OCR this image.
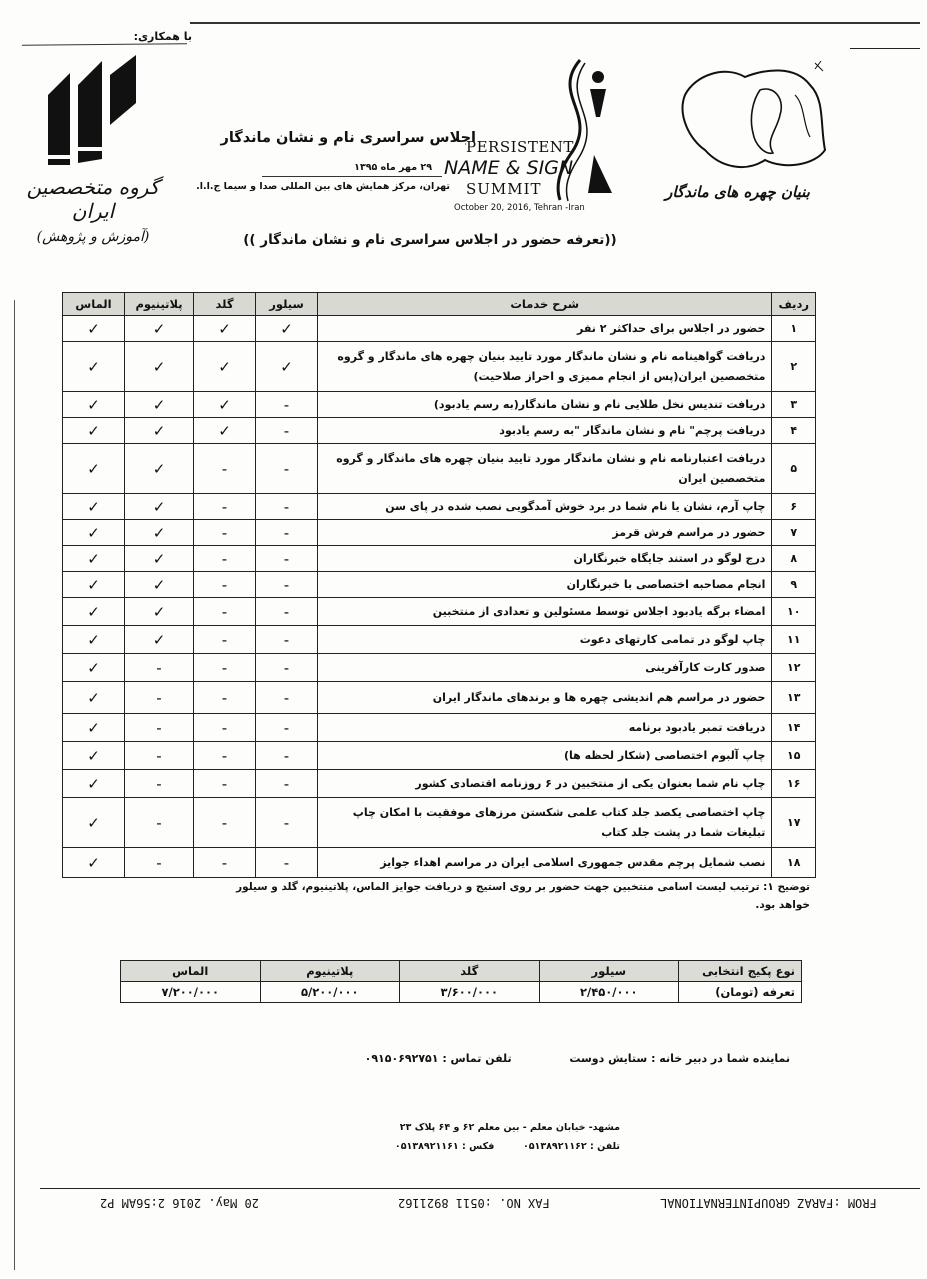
با همکاری:
گروه متخصصین ایران
(آموزش و پژوهش)
اجلاس سراسری نام و نشان ماندگار
۲۹ مهر ماه ۱۳۹۵
تهران، مرکز همایش های بین المللی صدا و سیما ج.ا.ا.
PERSISTENT
NAME & SIGN
SUMMIT
October 20, 2016, Tehran -Iran
بنیان چهره های ماندگار
((تعرفه حضور در اجلاس سراسری نام و نشان ماندگار ))
ردیف	شرح خدمات	سیلور	گلد	پلاتینیوم	الماس
۱	حضور در اجلاس برای حداکثر ۲ نفر	✓	✓	✓	✓
۲	دریافت گواهینامه نام و نشان ماندگار مورد تایید بنیان چهره های ماندگار و گروه متخصصین ایران(پس از انجام ممیزی و احراز صلاحیت)	✓	✓	✓	✓
۳	دریافت تندیس نخل طلایی نام و نشان ماندگار(به رسم یادبود)	-	✓	✓	✓
۴	دریافت پرچم" نام و نشان ماندگار "به رسم یادبود	-	✓	✓	✓
۵	دریافت اعتبارنامه نام و نشان ماندگار مورد تایید بنیان چهره های ماندگار و گروه متخصصین ایران	-	-	✓	✓
۶	چاپ آرم، نشان یا نام شما در برد خوش آمدگویی نصب شده در پای سن	-	-	✓	✓
۷	حضور در مراسم فرش قرمز	-	-	✓	✓
۸	درج لوگو در استند جایگاه خبرنگاران	-	-	✓	✓
۹	انجام مصاحبه اختصاصی با خبرنگاران	-	-	✓	✓
۱۰	امضاء برگه یادبود اجلاس توسط مسئولین و تعدادی از منتخبین	-	-	✓	✓
۱۱	چاپ لوگو در تمامی کارتهای دعوت	-	-	✓	✓
۱۲	صدور کارت کارآفرینی	-	-	-	✓
۱۳	حضور در مراسم هم اندیشی چهره ها و برندهای ماندگار ایران	-	-	-	✓
۱۴	دریافت تمبر یادبود برنامه	-	-	-	✓
۱۵	چاپ آلبوم اختصاصی (شکار لحظه ها)	-	-	-	✓
۱۶	چاپ نام شما بعنوان یکی از منتخبین در ۶ روزنامه اقتصادی کشور	-	-	-	✓
۱۷	چاپ اختصاصی یکصد جلد کتاب علمی شکستن مرزهای موفقیت با امکان چاپ تبلیغات شما در پشت جلد کتاب	-	-	-	✓
۱۸	نصب شمایل پرچم مقدس جمهوری اسلامی ایران در مراسم اهداء جوایز	-	-	-	✓
توضیح ۱: ترتیب لیست اسامی منتخبین جهت حضور بر روی استیج و دریافت جوایز الماس، پلاتینیوم، گلد و سیلور خواهد بود.
نوع پکیج انتخابی	سیلور	گلد	پلاتینیوم	الماس
تعرفه (تومان)	۲/۴۵۰/۰۰۰	۳/۶۰۰/۰۰۰	۵/۲۰۰/۰۰۰	۷/۲۰۰/۰۰۰
نماینده شما در دبیر خانه : ستایش دوست  تلفن تماس : ۰۹۱۵۰۶۹۲۷۵۱
مشهد- خیابان معلم - بین معلم ۶۲ و ۶۴ پلاک ۲۳
تلفن : ۰۵۱۳۸۹۲۱۱۶۲  فکس : ۰۵۱۳۸۹۲۱۱۶۱
FROM :FARAZ GROUPINTERNATIONAL
FAX NO. :0511 8921162
20 May. 2016 2:56AM P2
